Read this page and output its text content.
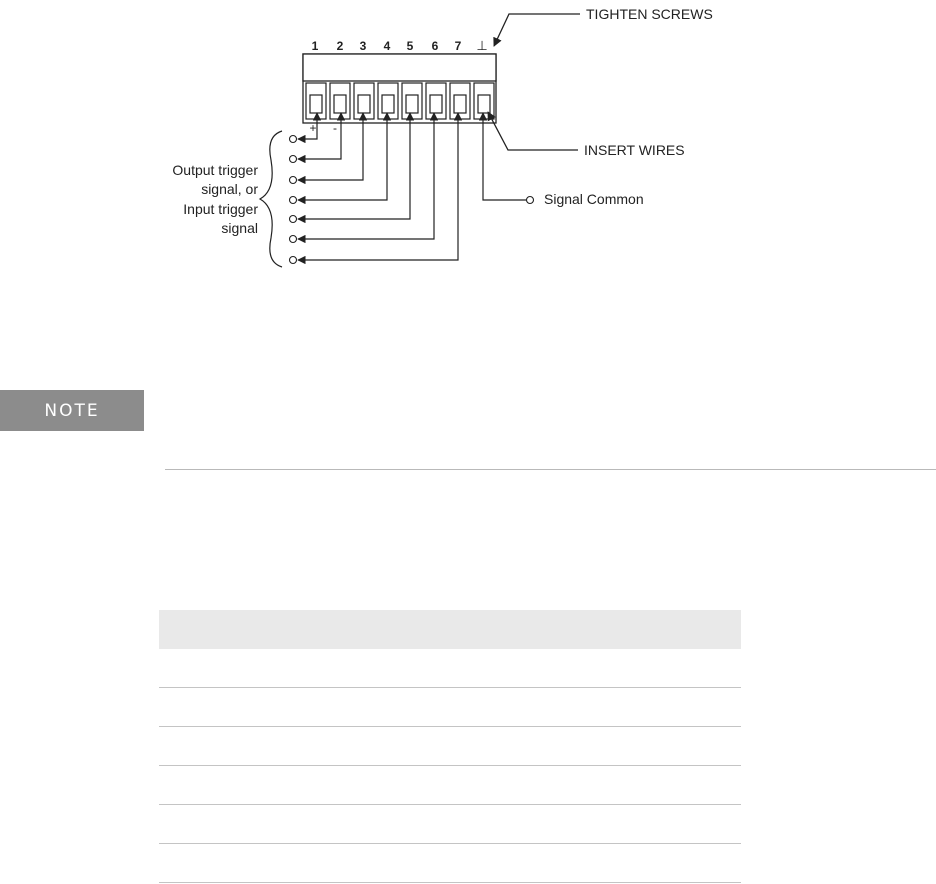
1 2 3 4 5 6 7 ⊥
+ -
Output trigger
signal, or
Input trigger
signal
Signal Common
TIGHTEN SCREWS
INSERT WIRES
NOTE
